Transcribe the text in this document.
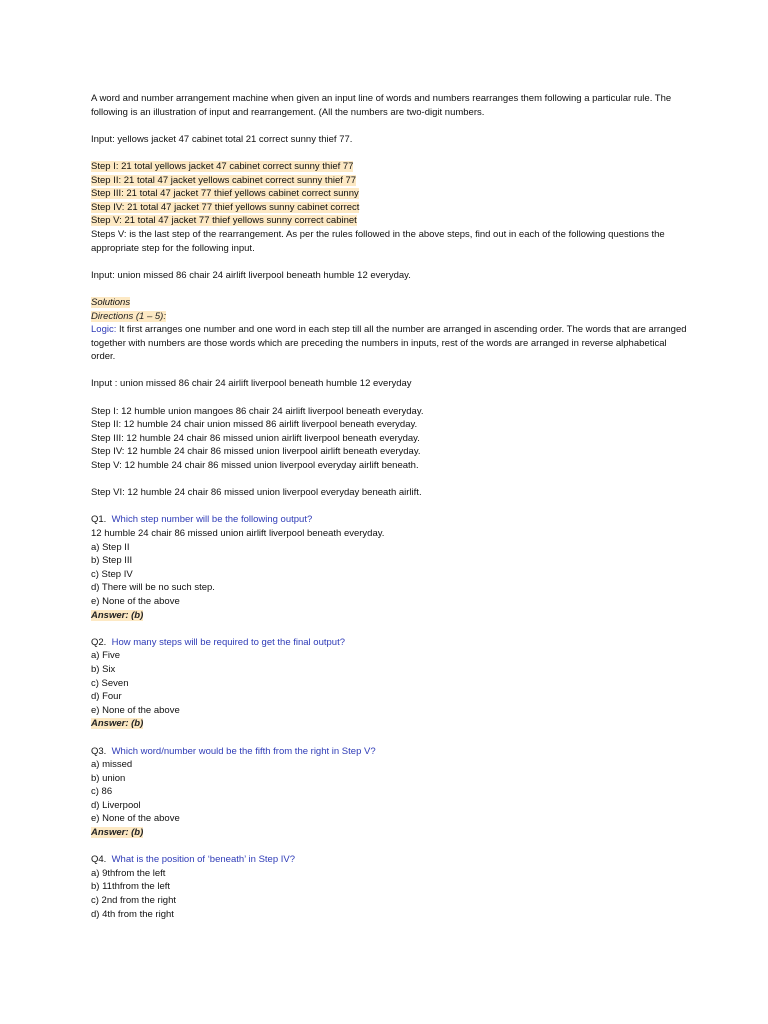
A word and number arrangement machine when given an input line of words and numbers rearranges them following a particular rule. The following is an illustration of input and rearrangement. (All the numbers are two-digit numbers.
Input: yellows jacket 47 cabinet total 21 correct sunny thief 77.
Step I: 21 total yellows jacket 47 cabinet correct sunny thief 77
Step II: 21 total 47 jacket yellows cabinet correct sunny thief 77
Step III: 21 total 47 jacket 77 thief yellows cabinet correct sunny
Step IV: 21 total 47 jacket 77 thief yellows sunny cabinet correct
Step V: 21 total 47 jacket 77 thief yellows sunny correct cabinet
Steps V: is the last step of the rearrangement. As per the rules followed in the above steps, find out in each of the following questions the appropriate step for the following input.
Input: union missed 86 chair 24 airlift liverpool beneath humble 12 everyday.
Solutions
Directions (1 – 5):
Logic: It first arranges one number and one word in each step till all the number are arranged in ascending order. The words that are arranged together with numbers are those words which are preceding the numbers in inputs, rest of the words are arranged in reverse alphabetical order.
Input : union missed 86 chair 24 airlift liverpool beneath humble 12 everyday
Step I: 12 humble union mangoes 86 chair 24 airlift liverpool beneath everyday.
Step II: 12 humble 24 chair union missed 86 airlift liverpool beneath everyday.
Step III: 12 humble 24 chair 86 missed union airlift liverpool beneath everyday.
Step IV: 12 humble 24 chair 86 missed union liverpool airlift beneath everyday.
Step V: 12 humble 24 chair 86 missed union liverpool everyday airlift beneath.
Step VI: 12 humble 24 chair 86 missed union liverpool everyday beneath airlift.
Q1. Which step number will be the following output?
12 humble 24 chair 86 missed union airlift liverpool beneath everyday.
a) Step II
b) Step III
c) Step IV
d) There will be no such step.
e) None of the above
Answer: (b)
Q2. How many steps will be required to get the final output?
a) Five
b) Six
c) Seven
d) Four
e) None of the above
Answer: (b)
Q3. Which word/number would be the fifth from the right in Step V?
a) missed
b) union
c) 86
d) Liverpool
e) None of the above
Answer: (b)
Q4. What is the position of ‘beneath’ in Step IV?
a) 9thfrom the left
b) 11thfrom the left
c) 2nd from the right
d) 4th from the right
